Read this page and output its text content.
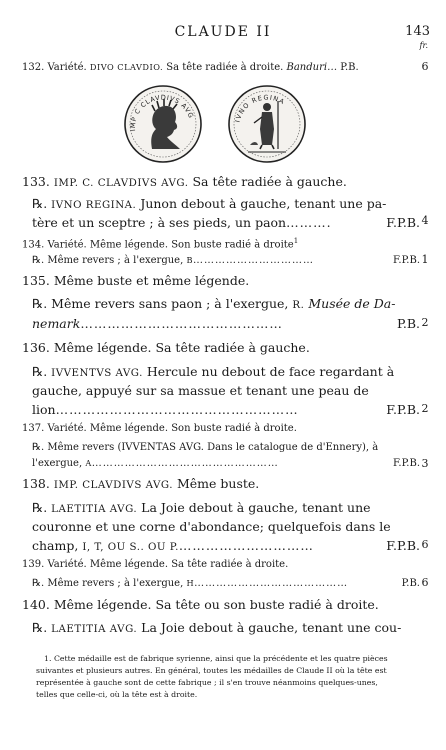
CLAUDE II	143
fr.
132. Variété. DIVO CLAVDIO. Sa tête radiée à droite. Banduri… P.B.	6
IMP C CLAVDIVS AVG
IVNO REGINA
133. IMP. C. CLAVDIVS AVG. Sa tête radiée à gauche.
℞. IVNO REGINA. Junon debout à gauche, tenant une pa-
tère et un sceptre ; à ses pieds, un paon……….	F.P.B. 4
134. Variété. Même légende. Son buste radié à droite$^1$
℞. Même revers ; à l'exergue, B……………………………	F.P.B. 1
135. Même buste et même légende.
℞. Même revers sans paon ; à l'exergue, R. Musée de Da-
nemark………………………………………	P.B. 2
136. Même légende. Sa tête radiée à gauche.
℞. IVVENTVS AVG. Hercule nu debout de face regardant à
gauche, appuyé sur sa massue et tenant une peau de
lion………………………………………………	F.P.B. 2
137. Variété. Même légende. Son buste radié à droite.
℞. Même revers (IVVENTAS AVG. Dans le catalogue de d'Ennery), à
l'exergue, A……………………………………………	F.P.B. 3
138. IMP. CLAVDIVS AVG. Même buste.
℞. LAETITIA AVG. La Joie debout à gauche, tenant une
couronne et une corne d'abondance; quelquefois dans le
champ, I, T, OU S.. OU P.…………………………	F.P.B. 6
139. Variété. Même légende. Sa tête radiée à droite.
℞. Même revers ; à l'exergue, H……………………………………	P.B. 6
140. Même légende. Sa tête ou son buste radié à droite.
℞. LAETITIA AVG. La Joie debout à gauche, tenant une cou-
1. Cette médaille est de fabrique syrienne, ainsi que la précédente et les quatre pièces
suivantes et plusieurs autres. En général, toutes les médailles de Claude II où la tête est
représentée à gauche sont de cette fabrique ; il s'en trouve néanmoins quelques-unes,
telles que celle-ci, où la tête est à droite.
